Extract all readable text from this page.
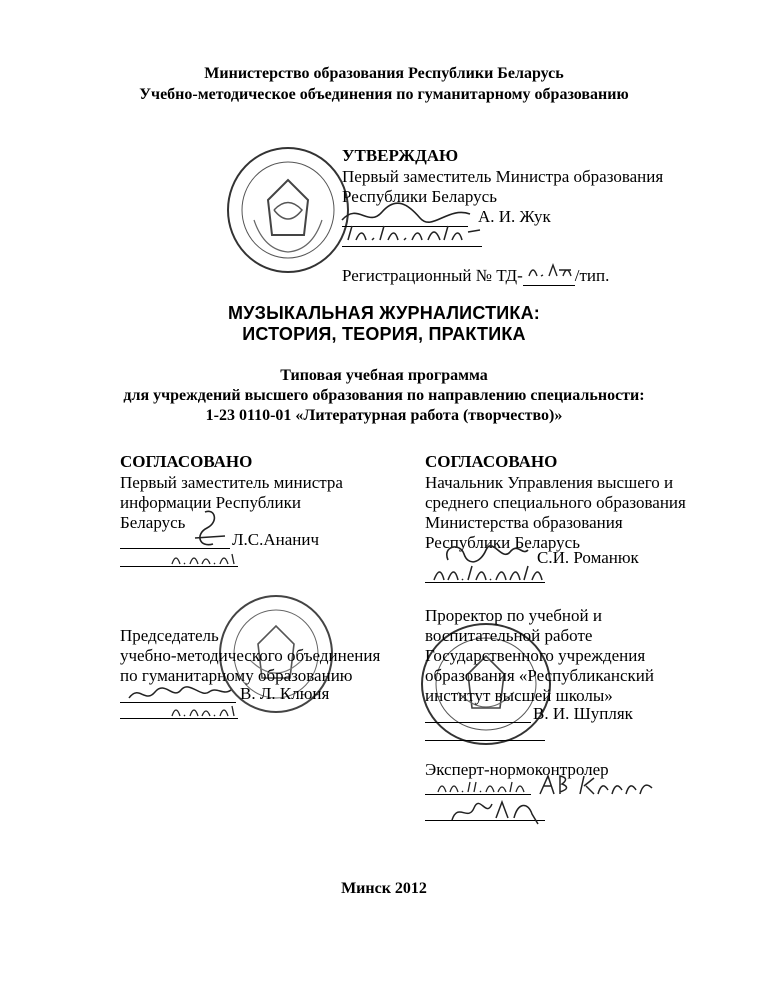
Министерство образования Республики Беларусь
Учебно-методическое объединения по гуманитарному образованию
УТВЕРЖДАЮ
Первый заместитель Министра образования
Республики Беларусь
А. И. Жук
Регистрационный № ТД-	/тип.
МУЗЫКАЛЬНАЯ ЖУРНАЛИСТИКА:
ИСТОРИЯ, ТЕОРИЯ, ПРАКТИКА
Типовая учебная программа
для учреждений высшего образования по направлению специальности:
1-23 0110-01 «Литературная работа (творчество)»
СОГЛАСОВАНО
Первый заместитель министра
информации Республики
Беларусь
Л.С.Ананич
СОГЛАСОВАНО
Начальник Управления высшего и
среднего специального образования
Министерства образования
Республики Беларусь
С.И. Романюк
Председатель
учебно-методического объединения
по гуманитарному образованию
В. Л. Клюня
Проректор по учебной и
воспитательной работе
Государственного учреждения
образования «Республиканский
институт высшей школы»
В. И. Шупляк
Эксперт-нормоконтролер
Минск 2012
